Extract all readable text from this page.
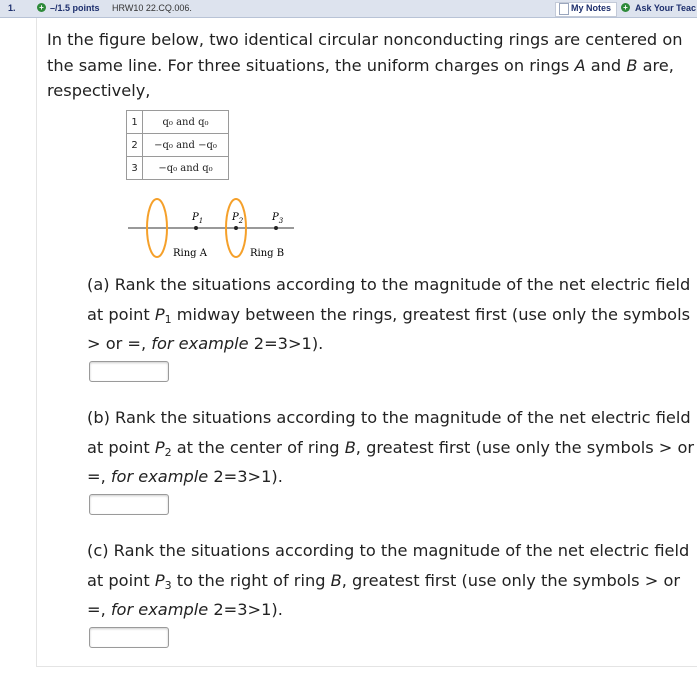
1.	+ –/1.5 points HRW10 22.CQ.006.	My Notes + Ask Your Teac
In the figure below, two identical circular nonconducting rings are centered on the same line. For three situations, the uniform charges on rings A and B are, respectively,
1	q₀ and q₀
2	−q₀ and −q₀
3	−q₀ and q₀
$P_1$	$P_2$	$P_3$
Ring A	Ring B
(a) Rank the situations according to the magnitude of the net electric field at point $P_1$ midway between the rings, greatest first (use only the symbols > or =, for example 2=3>1).
(b) Rank the situations according to the magnitude of the net electric field at point $P_2$ at the center of ring B, greatest first (use only the symbols > or =, for example 2=3>1).
(c) Rank the situations according to the magnitude of the net electric field at point $P_3$ to the right of ring B, greatest first (use only the symbols > or =, for example 2=3>1).
